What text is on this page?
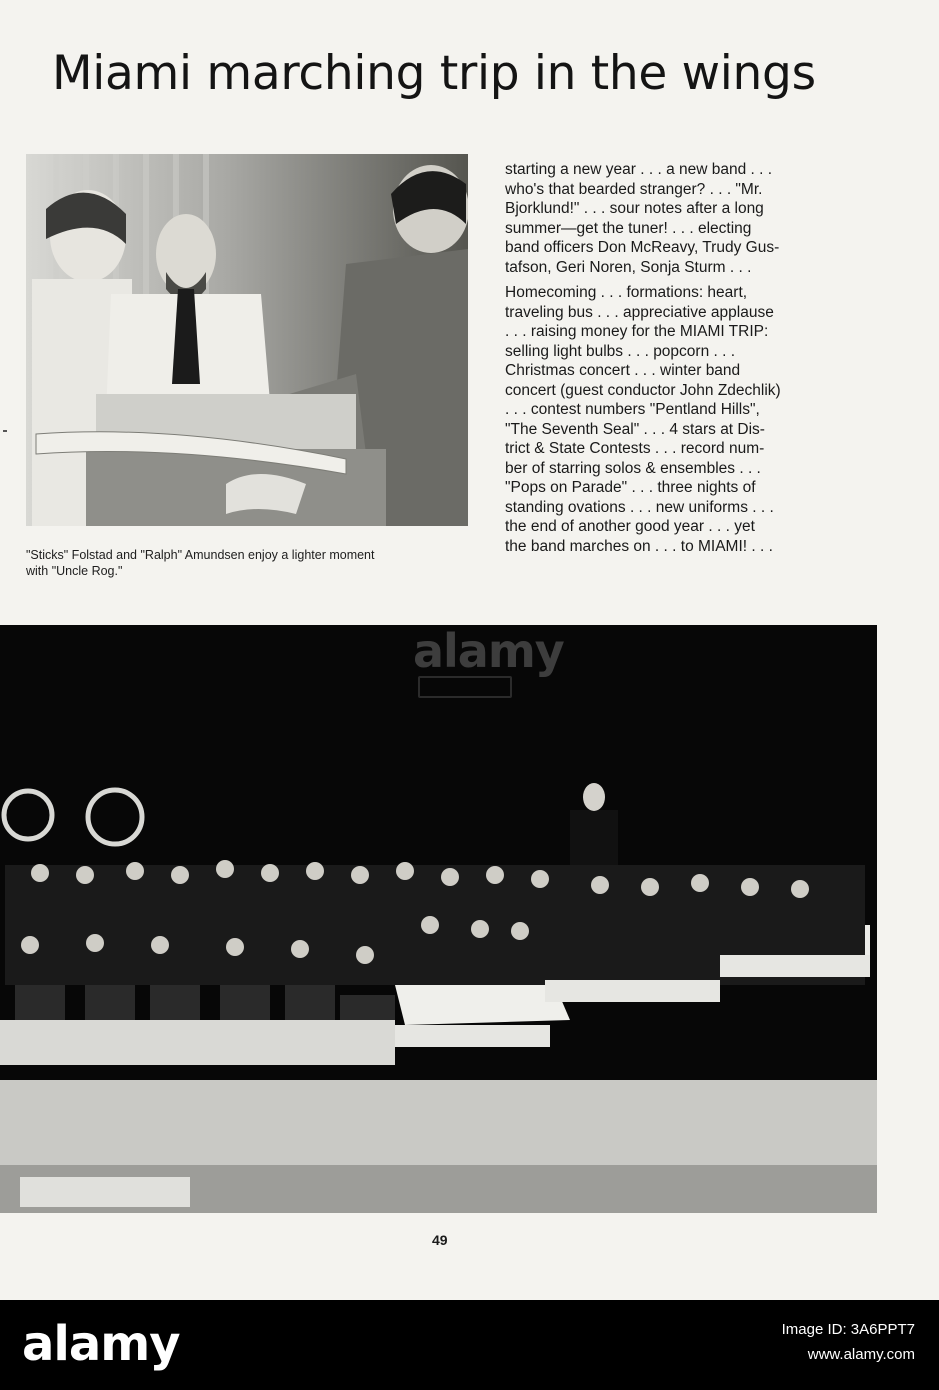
Miami marching trip in the wings

"Sticks" Folstad and "Ralph" Amundsen enjoy a lighter moment
with "Uncle Rog."

starting a new year . . . a new band . . .
who's that bearded stranger? . . . "Mr.
Bjorklund!" . . . sour notes after a long
summer—get the tuner! . . . electing
band officers Don McReavy, Trudy Gus-
tafson, Geri Noren, Sonja Sturm . . .
Homecoming . . . formations: heart,
traveling bus . . . appreciative applause
. . . raising money for the MIAMI TRIP:
selling light bulbs . . . popcorn . . .
Christmas concert . . . winter band
concert (guest conductor John Zdechlik)
. . . contest numbers "Pentland Hills",
"The Seventh Seal" . . . 4 stars at Dis-
trict & State Contests . . . record num-
ber of starring solos & ensembles . . .
"Pops on Parade" . . . three nights of
standing ovations . . . new uniforms . . .
the end of another good year . . . yet
the band marches on . . . to MIAMI! . . .
alamy
49
alamy	Image ID: 3A6PPT7
www.alamy.com
